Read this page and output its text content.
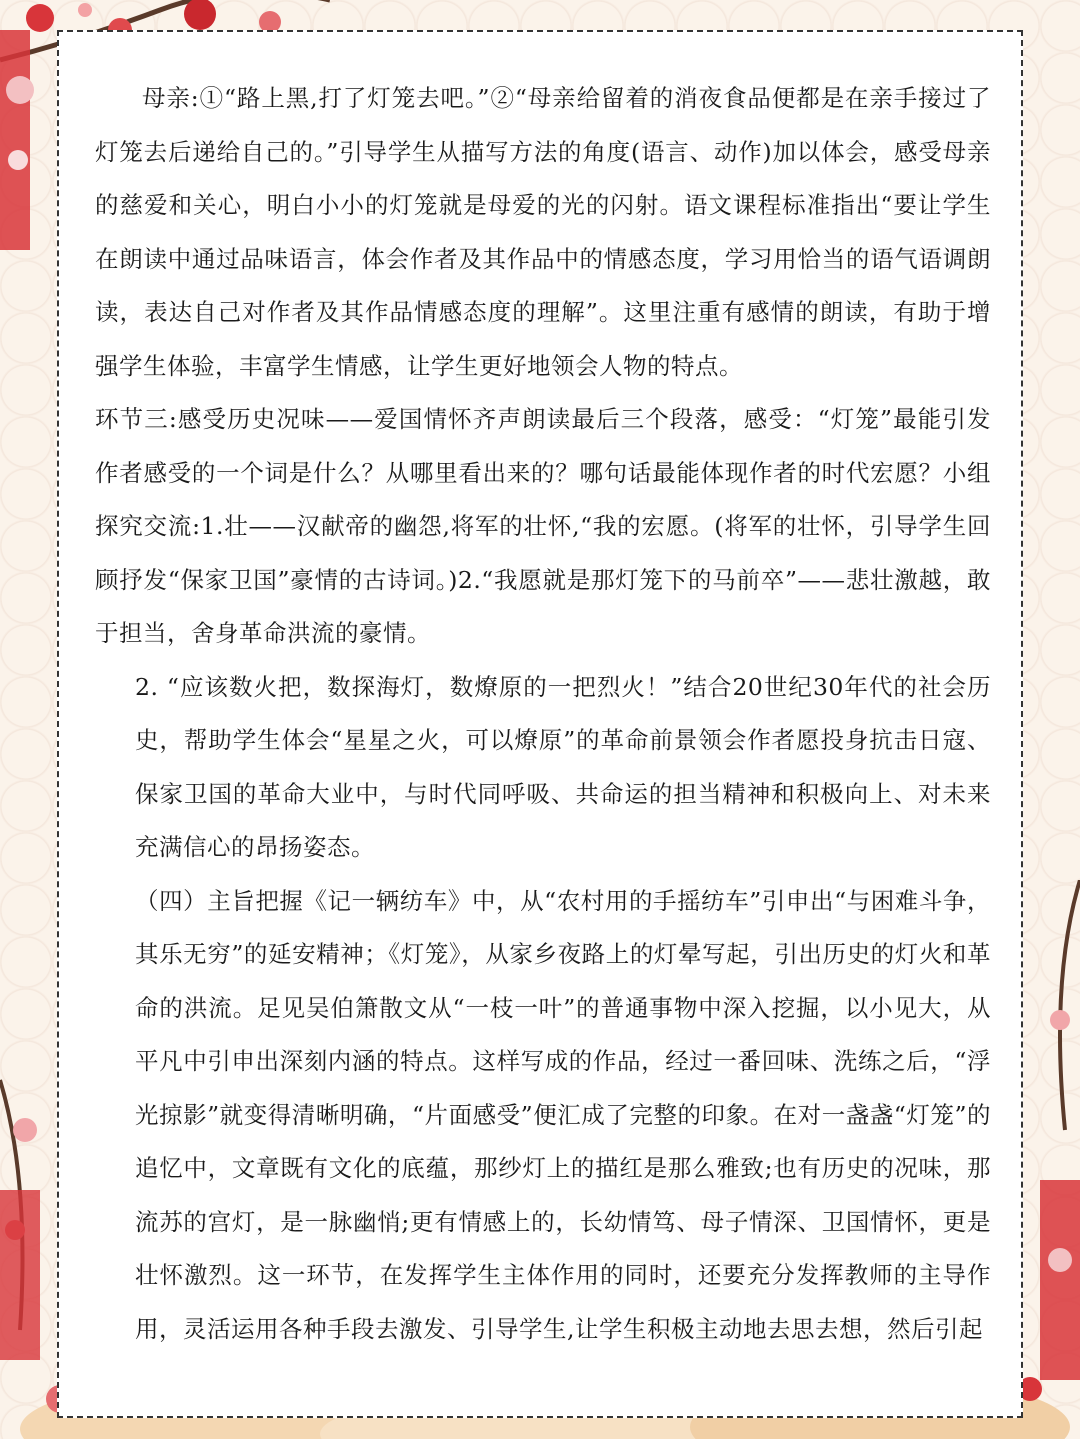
母亲:①“路上黑,打了灯笼去吧。”②“母亲给留着的消夜食品便都是在亲手接过了灯笼去后递给自己的。”引导学生从描写方法的角度(语言、动作)加以体会，感受母亲的慈爱和关心，明白小小的灯笼就是母爱的光的闪射。语文课程标准指出“要让学生在朗读中通过品味语言，体会作者及其作品中的情感态度，学习用恰当的语气语调朗读，表达自己对作者及其作品情感态度的理解”。这里注重有感情的朗读，有助于增强学生体验，丰富学生情感，让学生更好地领会人物的特点。

环节三:感受历史况味——爱国情怀齐声朗读最后三个段落，感受：“灯笼”最能引发作者感受的一个词是什么？从哪里看出来的？哪句话最能体现作者的时代宏愿？小组探究交流:1.壮——汉献帝的幽怨,将军的壮怀,“我的宏愿。(将军的壮怀，引导学生回顾抒发“保家卫国”豪情的古诗词。)2.“我愿就是那灯笼下的马前卒”——悲壮激越，敢于担当，舍身革命洪流的豪情。

2. “应该数火把，数探海灯，数燎原的一把烈火！”结合20世纪30年代的社会历史，帮助学生体会“星星之火，可以燎原”的革命前景领会作者愿投身抗击日寇、保家卫国的革命大业中，与时代同呼吸、共命运的担当精神和积极向上、对未来充满信心的昂扬姿态。

（四）主旨把握《记一辆纺车》中，从“农村用的手摇纺车”引申出“与困难斗争，其乐无穷”的延安精神；《灯笼》，从家乡夜路上的灯晕写起，引出历史的灯火和革命的洪流。足见吴伯箫散文从“一枝一叶”的普通事物中深入挖掘，以小见大，从平凡中引申出深刻内涵的特点。这样写成的作品，经过一番回味、洗练之后，“浮光掠影”就变得清晰明确，“片面感受”便汇成了完整的印象。在对一盏盏“灯笼”的追忆中，文章既有文化的底蕴，那纱灯上的描红是那么雅致;也有历史的况味，那流苏的宫灯，是一脉幽悄;更有情感上的，长幼情笃、母子情深、卫国情怀，更是壮怀激烈。这一环节，在发挥学生主体作用的同时，还要充分发挥教师的主导作用，灵活运用各种手段去激发、引导学生,让学生积极主动地去思去想，然后引起
